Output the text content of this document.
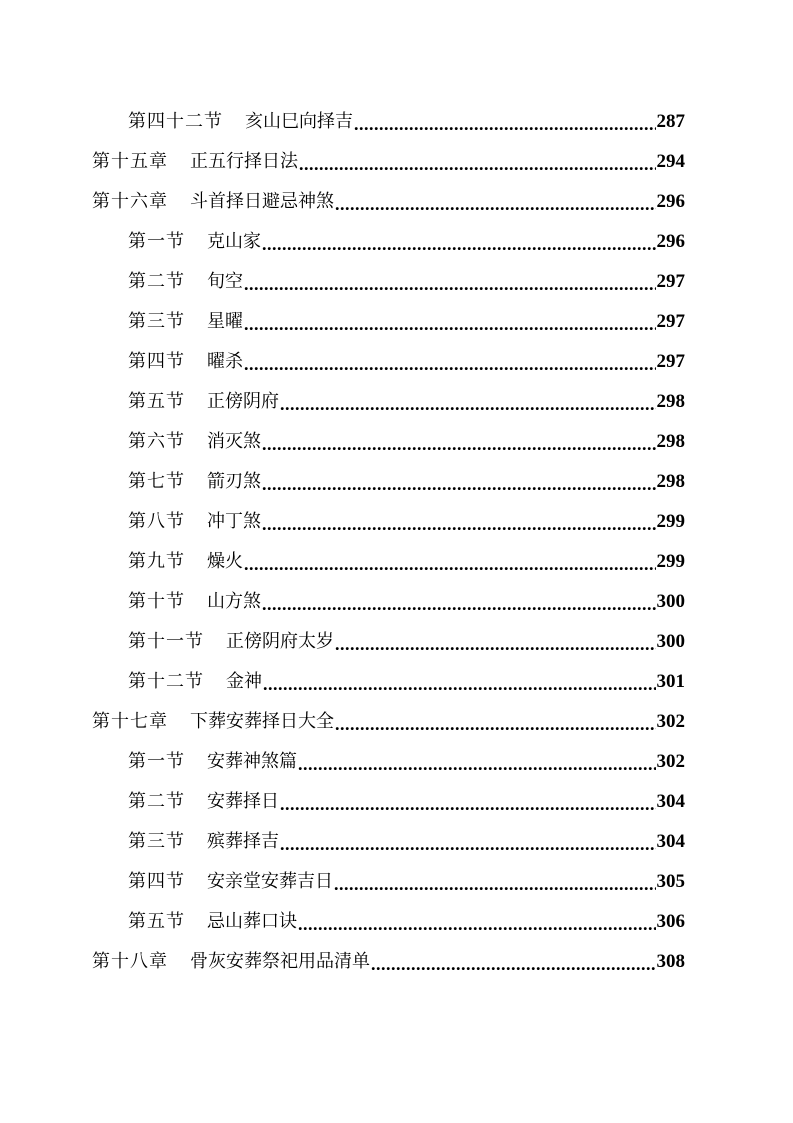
第四十二节 亥山巳向择吉 .....	287
第十五章 正五行择日法 .....	294
第十六章 斗首择日避忌神煞 .....	296
第一节 克山家 .....	296
第二节 旬空 .....	297
第三节 星曜 .....	297
第四节 曜杀 .....	297
第五节 正傍阴府 .....	298
第六节 消灭煞 .....	298
第七节 箭刃煞 .....	298
第八节 冲丁煞 .....	299
第九节 燥火 .....	299
第十节 山方煞 .....	300
第十一节 正傍阴府太岁 .....	300
第十二节 金神 .....	301
第十七章 下葬安葬择日大全 .....	302
第一节 安葬神煞篇 .....	302
第二节 安葬择日 .....	304
第三节 殡葬择吉 .....	304
第四节 安亲堂安葬吉日 .....	305
第五节 忌山葬口诀 .....	306
第十八章 骨灰安葬祭祀用品清单 .....	308
